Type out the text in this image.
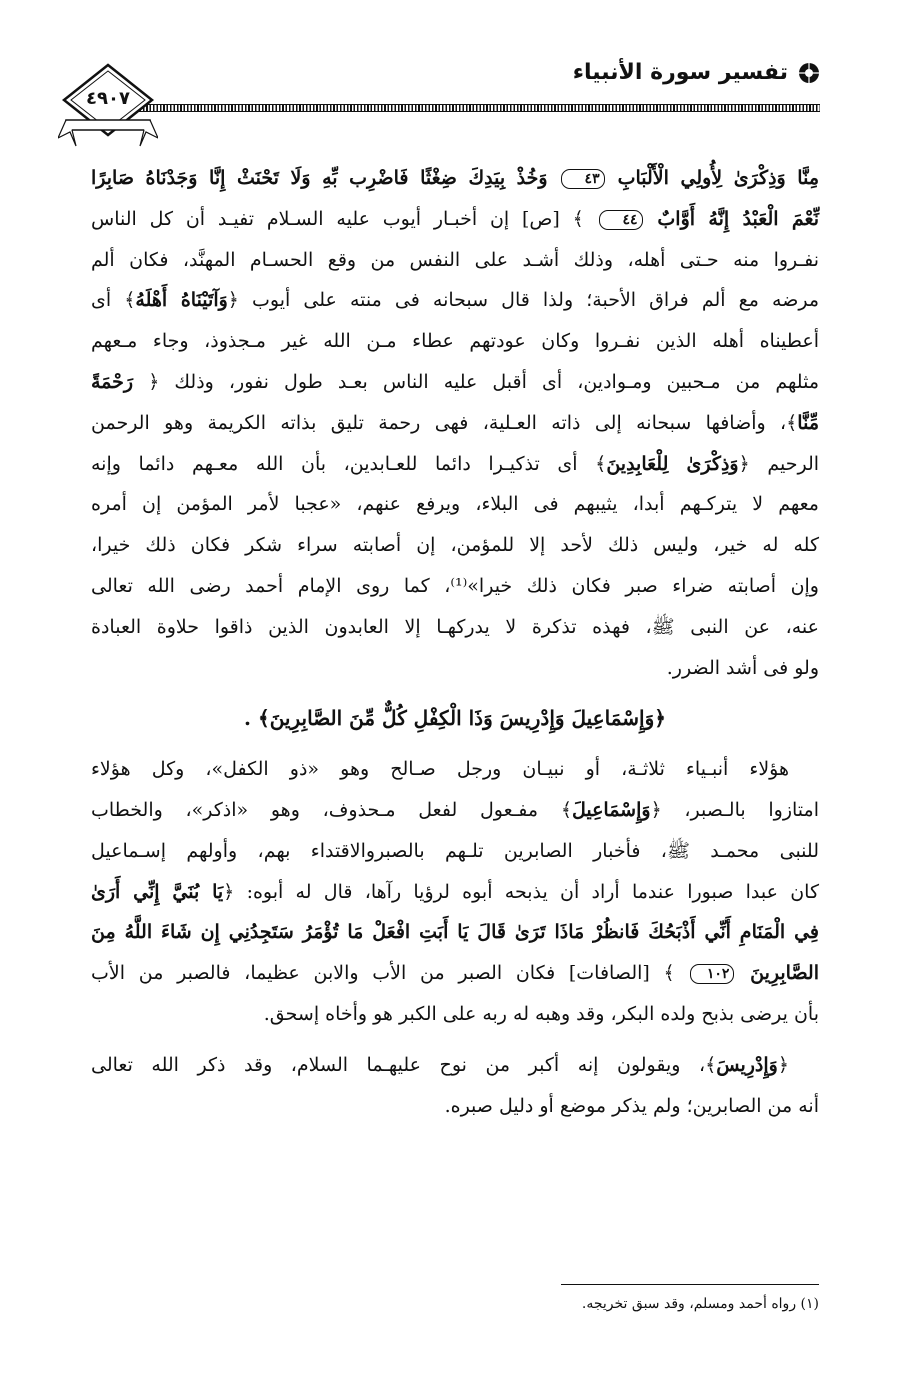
تفسير سورة الأنبياء
٤٩٠٧
مِنَّا وَذِكْرَىٰ لِأُولِي الْأَلْبَابِ ٤٣ وَخُذْ بِيَدِكَ ضِغْثًا فَاضْرِب بِّهِ وَلَا تَحْنَثْ إِنَّا وَجَدْنَاهُ صَابِرًا
نِّعْمَ الْعَبْدُ إِنَّهُ أَوَّابٌ ٤٤ ﴾ [ص] إن أخبـار أيوب عليه السـلام تفيـد أن كل الناس
نفـروا منه حـتى أهله، وذلك أشـد على النفس من وقع الحسـام المهنَّد، فكان ألم
مرضه مع ألم فراق الأحبة؛ ولذا قال سبحانه فى منته على أيوب ﴿وَآتَيْنَاهُ أَهْلَهُ﴾ أى
أعطيناه أهله الذين نفـروا وكان عودتهم عطاء مـن الله غير مـجذوذ، وجاء مـعهم
مثلهم من مـحبين ومـوادين، أى أقبل عليه الناس بعـد طول نفور، وذلك ﴿ رَحْمَةً
مِّنَّا﴾، وأضافها سبحانه إلى ذاته العـلية، فهى رحمة تليق بذاته الكريمة وهو الرحمن
الرحيم ﴿وَذِكْرَىٰ لِلْعَابِدِينَ﴾ أى تذكيـرا دائما للعـابدين، بأن الله معـهم دائما وإنه
معهم لا يتركـهم أبدا، يثيبهم فى البلاء، ويرفع عنهم، «عجبا لأمر المؤمن إن أمره
كله له خير، وليس ذلك لأحد إلا للمؤمن، إن أصابته سراء شكر فكان ذلك خيرا،
وإن أصابته ضراء صبر فكان ذلك خيرا»⁽¹⁾، كما روى الإمام أحمد رضى الله تعالى
عنه، عن النبى ﷺ، فهذه تذكرة لا يدركهـا إلا العابدون الذين ذاقوا حلاوة العبادة
ولو فى أشد الضرر.
﴿وَإِسْمَاعِيلَ وَإِدْرِيسَ وَذَا الْكِفْلِ كُلٌّ مِّنَ الصَّابِرِينَ﴾ .
هؤلاء أنبـياء ثلاثـة، أو نبيـان ورجل صـالح وهو «ذو الكفل»، وكل هؤلاء
امتازوا بالـصبر، ﴿وَإِسْمَاعِيلَ﴾ مفـعول لفعل مـحذوف، وهو «اذكر»، والخطاب
للنبى محمـد ﷺ، فأخبار الصابرين تلـهم بالصبروالاقتداء بهم، وأولهم إسـماعيل
كان عبدا صبورا عندما أراد أن يذبحه أبوه لرؤيا رآها، قال له أبوه: ﴿يَا بُنَيَّ إِنِّي أَرَىٰ
فِي الْمَنَامِ أَنِّي أَذْبَحُكَ فَانظُرْ مَاذَا تَرَىٰ قَالَ يَا أَبَتِ افْعَلْ مَا تُؤْمَرُ سَتَجِدُنِي إِن شَاءَ اللَّهُ مِنَ
الصَّابِرِينَ ١٠٢ ﴾ [الصافات] فكان الصبر من الأب والابن عظيما، فالصبر من الأب
بأن يرضى بذبح ولده البكر، وقد وهبه له ربه على الكبر هو وأخاه إسحق.
﴿وَإِدْرِيسَ﴾، ويقولون إنه أكبر من نوح عليهـما السلام، وقد ذكر الله تعالى
أنه من الصابرين؛ ولم يذكر موضع أو دليل صبره.
(١) رواه أحمد ومسلم، وقد سبق تخريجه.
